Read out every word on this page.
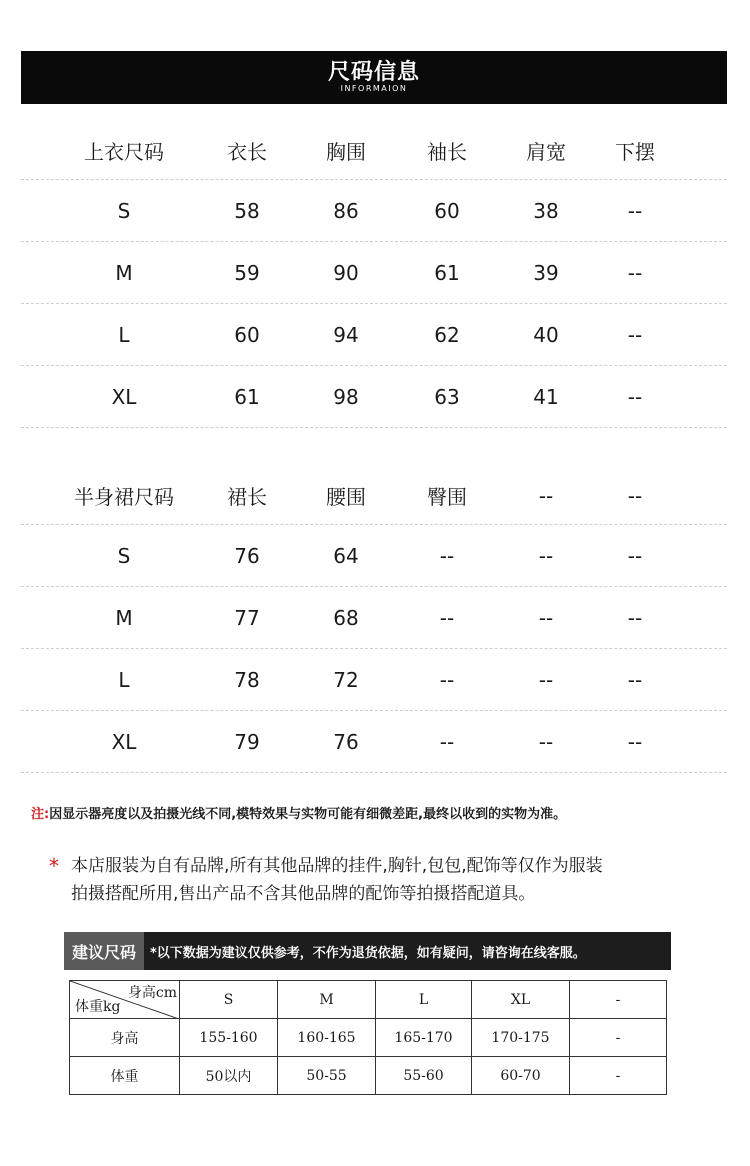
尺码信息
INFORMAION
上衣尺码	衣长	胸围	袖长	肩宽	下摆
S	58	86	60	38	--
M	59	90	61	39	--
L	60	94	62	40	--
XL	61	98	63	41	--
半身裙尺码	裙长	腰围	臀围	--	--
S	76	64	--	--	--
M	77	68	--	--	--
L	78	72	--	--	--
XL	79	76	--	--	--
注:因显示器亮度以及拍摄光线不同,模特效果与实物可能有细微差距,最终以收到的实物为准。
* 本店服装为自有品牌,所有其他品牌的挂件,胸针,包包,配饰等仅作为服装
拍摄搭配所用,售出产品不含其他品牌的配饰等拍摄搭配道具。
建议尺码	*以下数据为建议仅供参考，不作为退货依据，如有疑问，请咨询在线客服。
身高cm
体重kg	S	M	L	XL	-
身高	155-160	160-165	165-170	170-175	-
体重	50以内	50-55	55-60	60-70	-
